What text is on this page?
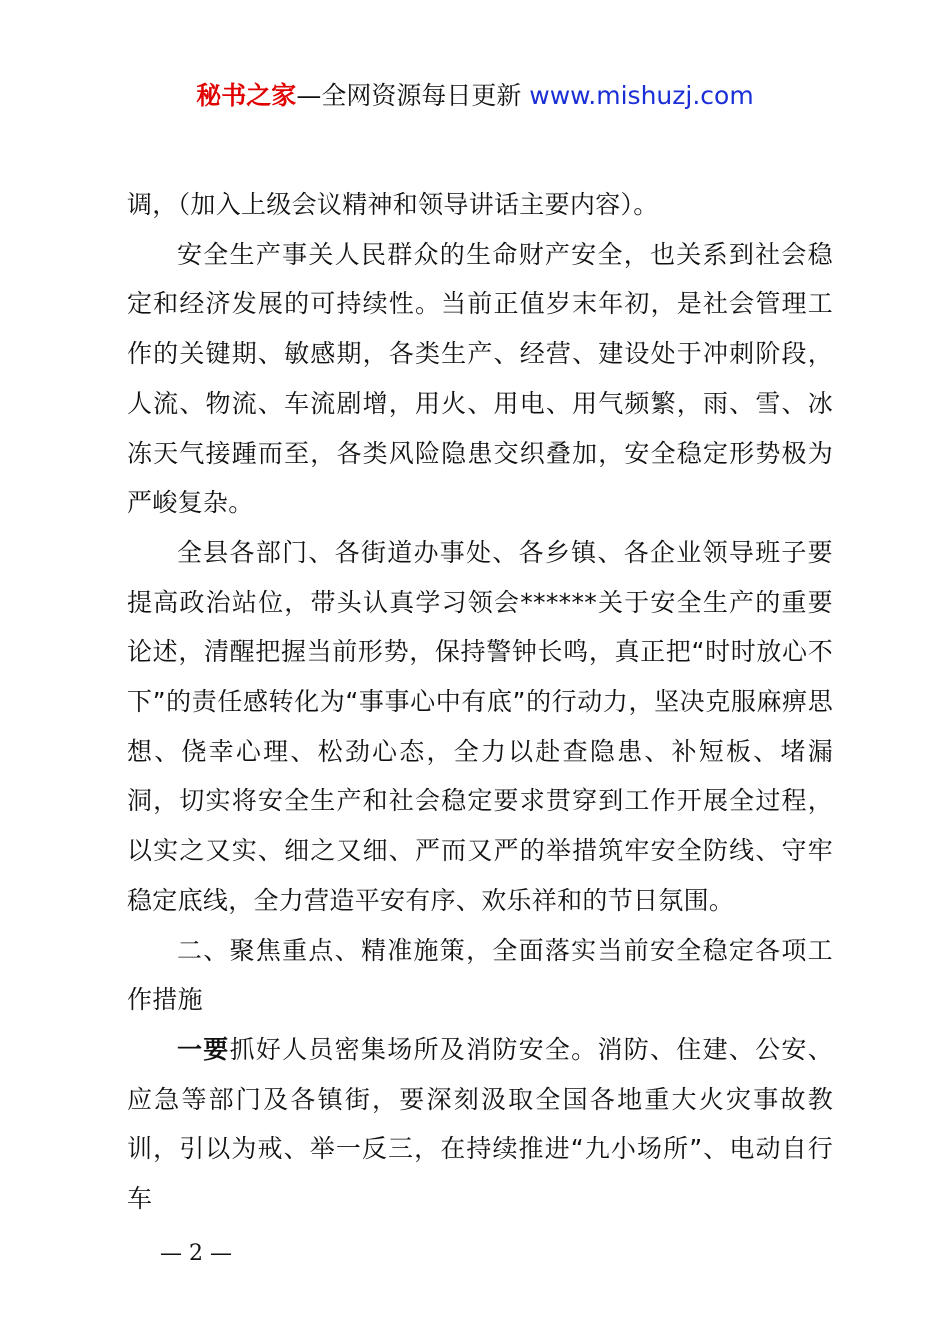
秘书之家—全网资源每日更新 www.mishuzj.com

调，（加入上级会议精神和领导讲话主要内容）。

安全生产事关人民群众的生命财产安全，也关系到社会稳定和经济发展的可持续性。当前正值岁末年初，是社会管理工作的关键期、敏感期，各类生产、经营、建设处于冲刺阶段，人流、物流、车流剧增，用火、用电、用气频繁，雨、雪、冰冻天气接踵而至，各类风险隐患交织叠加，安全稳定形势极为严峻复杂。

全县各部门、各街道办事处、各乡镇、各企业领导班子要提高政治站位，带头认真学习领会******关于安全生产的重要论述，清醒把握当前形势，保持警钟长鸣，真正把“时时放心不下”的责任感转化为“事事心中有底”的行动力，坚决克服麻痹思想、侥幸心理、松劲心态，全力以赴查隐患、补短板、堵漏洞，切实将安全生产和社会稳定要求贯穿到工作开展全过程，以实之又实、细之又细、严而又严的举措筑牢安全防线、守牢稳定底线，全力营造平安有序、欢乐祥和的节日氛围。

二、聚焦重点、精准施策，全面落实当前安全稳定各项工作措施

一要抓好人员密集场所及消防安全。消防、住建、公安、应急等部门及各镇街，要深刻汲取全国各地重大火灾事故教训，引以为戒、举一反三，在持续推进“九小场所”、电动自行车

— 2 —
